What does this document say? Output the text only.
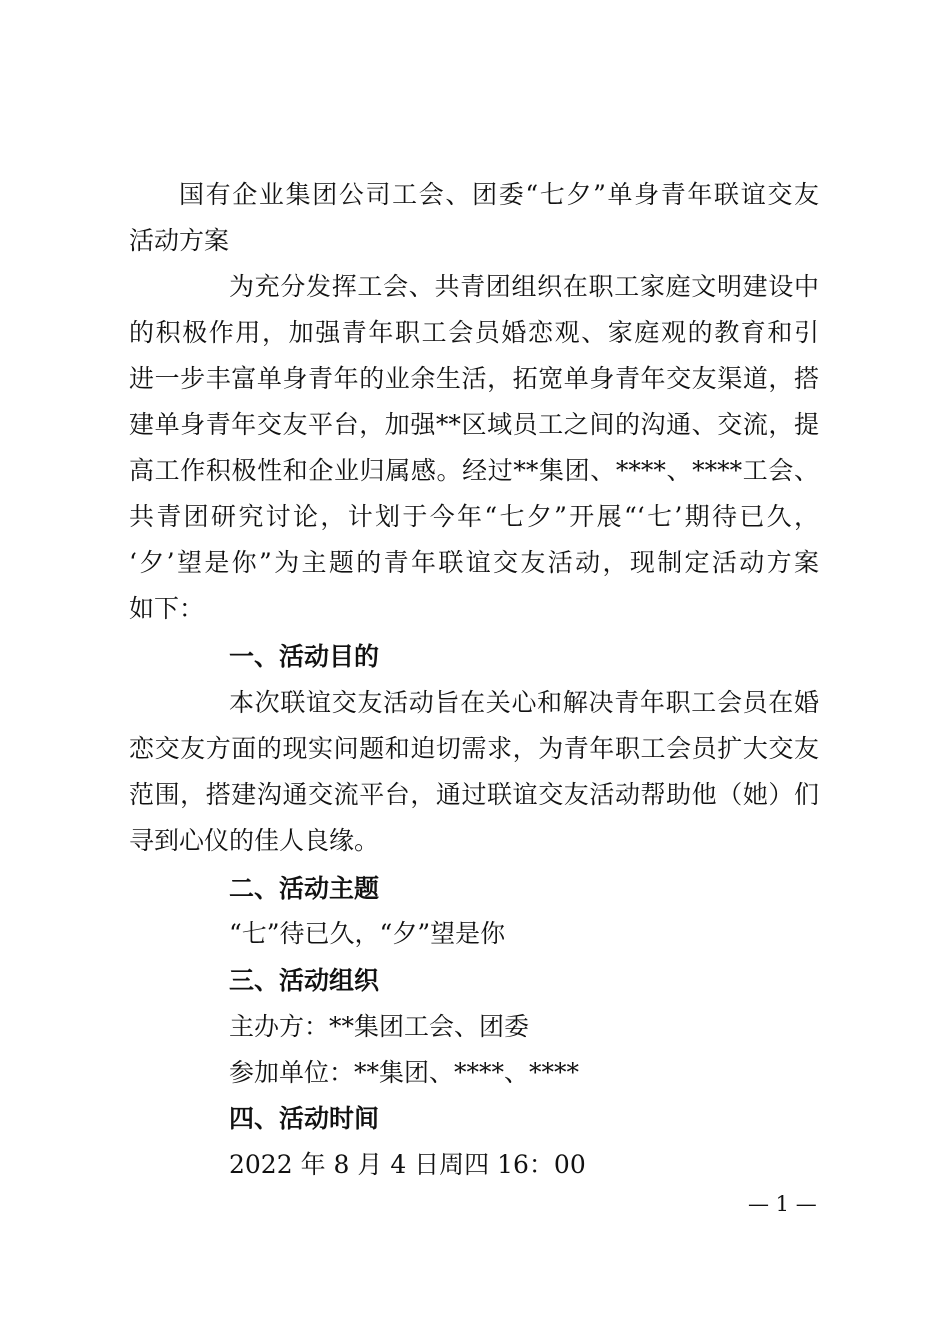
国有企业集团公司工会、团委“七夕”单身青年联谊交友
活动方案
为充分发挥工会、共青团组织在职工家庭文明建设中
的积极作用，加强青年职工会员婚恋观、家庭观的教育和引
进一步丰富单身青年的业余生活，拓宽单身青年交友渠道，搭
建单身青年交友平台，加强**区域员工之间的沟通、交流，提
高工作积极性和企业归属感。经过**集团、****、****工会、
共青团研究讨论，计划于今年“七夕”开展“‘七’期待已久，
‘夕’望是你”为主题的青年联谊交友活动，现制定活动方案
如下：
一、活动目的
本次联谊交友活动旨在关心和解决青年职工会员在婚
恋交友方面的现实问题和迫切需求，为青年职工会员扩大交友
范围，搭建沟通交流平台，通过联谊交友活动帮助他（她）们
寻到心仪的佳人良缘。
二、活动主题
“七”待已久，“夕”望是你
三、活动组织
主办方：**集团工会、团委
参加单位：**集团、****、****
四、活动时间
2022 年 8 月 4 日周四 16：00
— 1 —
